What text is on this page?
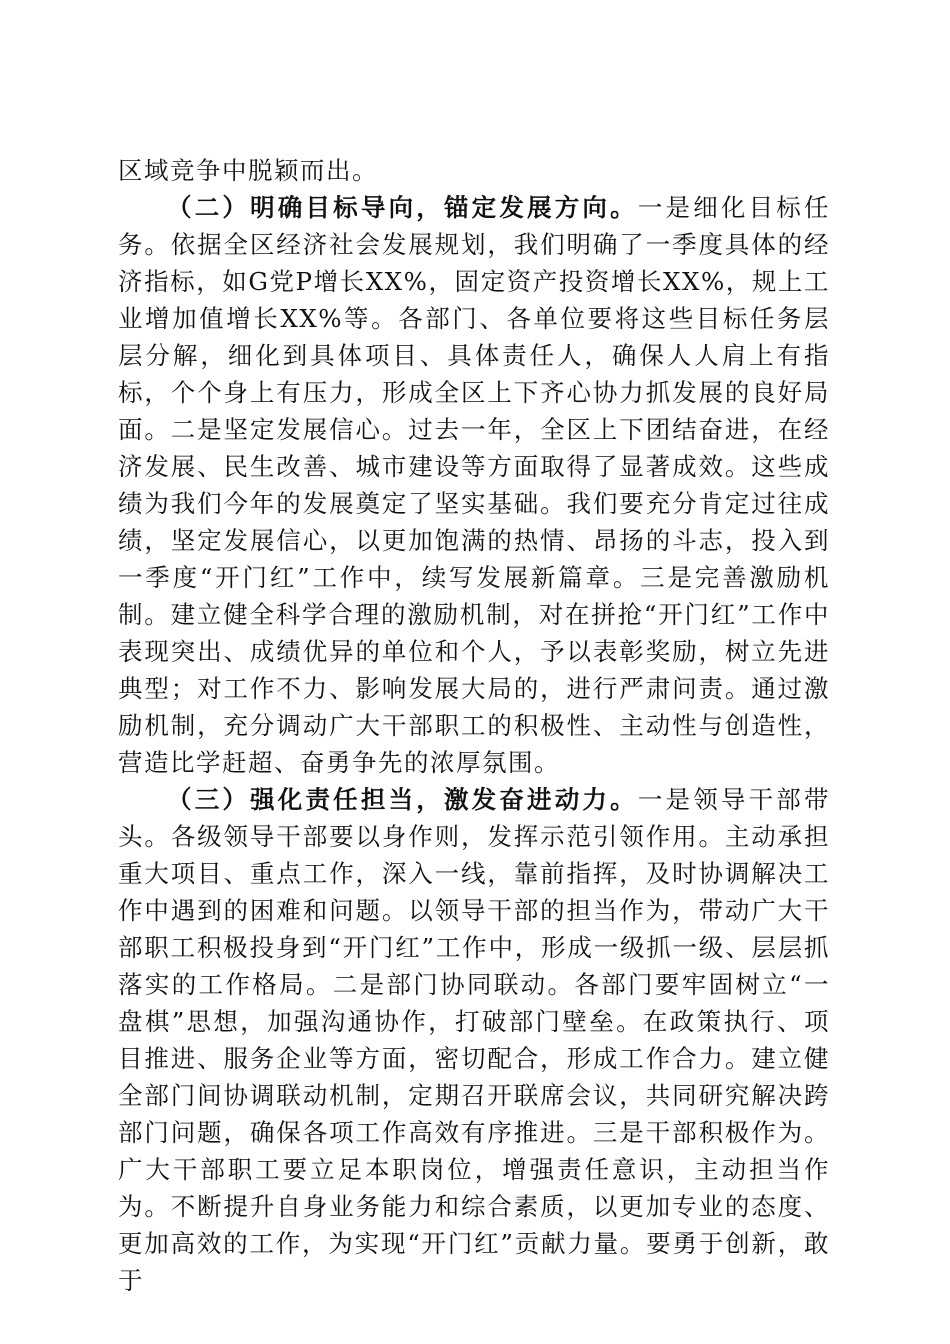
区域竞争中脱颖而出。

（二）明确目标导向，锚定发展方向。一是细化目标任务。依据全区经济社会发展规划，我们明确了一季度具体的经济指标，如G党P增长XX%，固定资产投资增长XX%，规上工业增加值增长XX%等。各部门、各单位要将这些目标任务层层分解，细化到具体项目、具体责任人，确保人人肩上有指标，个个身上有压力，形成全区上下齐心协力抓发展的良好局面。二是坚定发展信心。过去一年，全区上下团结奋进，在经济发展、民生改善、城市建设等方面取得了显著成效。这些成绩为我们今年的发展奠定了坚实基础。我们要充分肯定过往成绩，坚定发展信心，以更加饱满的热情、昂扬的斗志，投入到一季度“开门红”工作中，续写发展新篇章。三是完善激励机制。建立健全科学合理的激励机制，对在拼抢“开门红”工作中表现突出、成绩优异的单位和个人，予以表彰奖励，树立先进典型；对工作不力、影响发展大局的，进行严肃问责。通过激励机制，充分调动广大干部职工的积极性、主动性与创造性，营造比学赶超、奋勇争先的浓厚氛围。

（三）强化责任担当，激发奋进动力。一是领导干部带头。各级领导干部要以身作则，发挥示范引领作用。主动承担重大项目、重点工作，深入一线，靠前指挥，及时协调解决工作中遇到的困难和问题。以领导干部的担当作为，带动广大干部职工积极投身到“开门红”工作中，形成一级抓一级、层层抓落实的工作格局。二是部门协同联动。各部门要牢固树立“一盘棋”思想，加强沟通协作，打破部门壁垒。在政策执行、项目推进、服务企业等方面，密切配合，形成工作合力。建立健全部门间协调联动机制，定期召开联席会议，共同研究解决跨部门问题，确保各项工作高效有序推进。三是干部积极作为。广大干部职工要立足本职岗位，增强责任意识，主动担当作为。不断提升自身业务能力和综合素质，以更加专业的态度、更加高效的工作，为实现“开门红”贡献力量。要勇于创新，敢于
